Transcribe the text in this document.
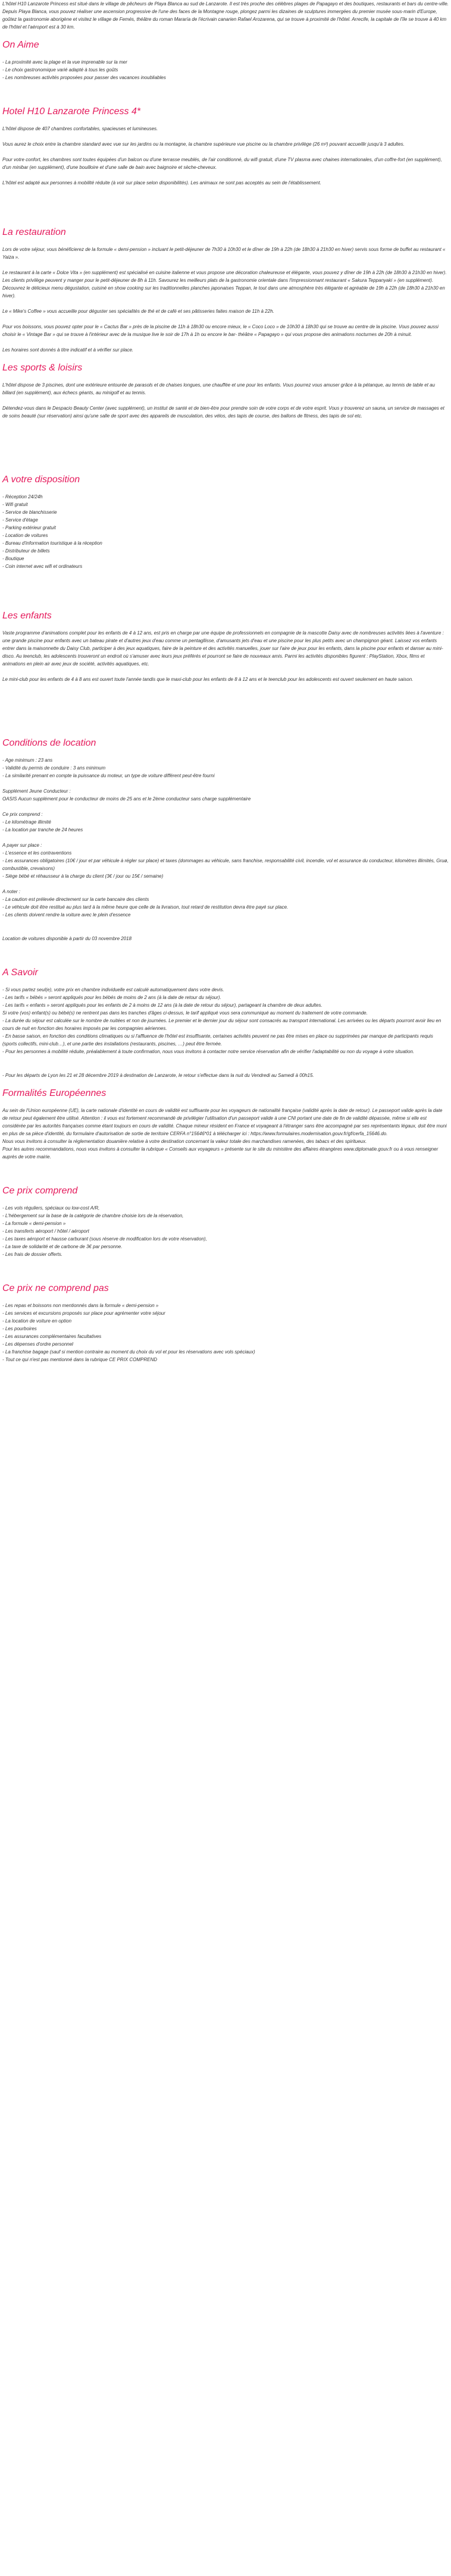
L'hôtel H10 Lanzarote Princess est situé dans le village de pêcheurs de Playa Blanca au sud de Lanzarote. Il est très proche des célèbres plages de Papagayo et des boutiques, restaurants et bars du centre-ville. Depuis Playa Blanca, vous pouvez réaliser une ascension progressive de l'une des faces de la Montagne rouge, plongez parmi les dizaines de sculptures immergées du premier musée sous-marin d'Europe, goûtez la gastronomie aborigène et visitez le village de Femés, théâtre du roman Mararía de l'écrivain canarien Rafael Arozarena, qui se trouve à proximité de l'hôtel. Arrecife, la capitale de l'île se trouve à 40 km de l'hôtel et l'aéroport est à 30 km.

On Aime
- La proximité avec la plage et la vue imprenable sur la mer
- Le choix gastronomique varié adapté à tous les goûts
- Les nombreuses activités proposées pour passer des vacances inoubliables
Hotel H10 Lanzarote Princess 4*

L'hôtel dispose de 407 chambres confortables, spacieuses et lumineuses.

Vous aurez le choix entre la chambre standard avec vue sur les jardins ou la montagne, la chambre supérieure vue piscine ou la chambre privilège (26 m²) pouvant accueillir jusqu'à 3 adultes.

Pour votre confort, les chambres sont toutes équipées d'un balcon ou d'une terrasse meublés, de l'air conditionné, du wifi gratuit, d'une TV plasma avec chaines internationales, d'un coffre-fort (en supplément), d'un minibar (en supplément), d'une bouilloire et d'une salle de bain avec baignoire et sèche-cheveux.

L'hôtel est adapté aux personnes à mobilité réduite (à voir sur place selon disponibilités). Les animaux ne sont pas acceptés au sein de l'établissement.

La restauration

Lors de votre séjour, vous bénéficierez de la formule « demi-pension » incluant le petit-déjeuner de 7h30 à 10h30 et le dîner de 19h à 22h (de 18h30 à 21h30 en hiver) servis sous forme de buffet au restaurant « Yaiza ».

Le restaurant à la carte « Dolce Vita » (en supplément) est spécialisé en cuisine italienne et vous propose une décoration chaleureuse et élégante, vous pouvez y dîner de 19h à 22h (de 18h30 à 21h30 en hiver). Les clients privilège peuvent y manger pour le petit-déjeuner de 8h à 11h. Savourez les meilleurs plats de la gastronomie orientale dans l'impressionnant restaurant « Sakura Teppanyaki » (en supplément). Découvrez le délicieux menu dégustation, cuisiné en show cooking sur les traditionnelles planches japonaises Teppan, le tout dans une atmosphère très élégante et agréable de 19h à 22h (de 18h30 à 21h30 en hiver).

Le « Mike's Coffee » vous accueille pour déguster ses spécialités de thé et de café et ses pâtisseries faites maison de 11h à 22h.

Pour vos boissons, vous pouvez opter pour le « Cactus Bar » près de la piscine de 11h à 18h30 ou encore mieux, le « Coco Loco » de 10h30 à 18h30 qui se trouve au centre de la piscine. Vous pouvez aussi choisir le « Vintage Bar » qui se trouve à l'intérieur avec de la musique live le soir de 17h à 1h ou encore le bar- théâtre « Papagayo » qui vous propose des animations nocturnes de 20h à minuit.

Les horaires sont donnés à titre indicatif et à vérifier sur place.

Les sports & loisirs

L'hôtel dispose de 3 piscines, dont une extérieure entourée de parasols et de chaises longues, une chauffée et une pour les enfants. Vous pourrez vous amuser grâce à la pétanque, au tennis de table et au billard (en supplément), aux échecs géants, au minigolf et au tennis.

Détendez-vous dans le Despacio Beauty Center (avec supplément), un institut de santé et de bien-être pour prendre soin de votre corps et de votre esprit. Vous y trouverez un sauna, un service de massages et de soins beauté (sur réservation) ainsi qu'une salle de sport avec des appareils de musculation, des vélos, des tapis de course, des ballons de fitness, des tapis de sol etc.

A votre disposition
- Réception 24/24h
- Wifi gratuit
- Service de blanchisserie
- Service d'étage
- Parking extérieur gratuit
- Location de voitures
- Bureau d'information touristique à la réception
- Distributeur de billets
- Boutique
- Coin internet avec wifi et ordinateurs
Les enfants

Vaste programme d'animations complet pour les enfants de 4 à 12 ans, est pris en charge par une équipe de professionnels en compagnie de la mascotte Daisy avec de nombreuses activités liées à l'aventure : une grande piscine pour enfants avec un bateau pirate et d'autres jeux d'eau comme un pentagllisse, d'amusants jets d'eau et une piscine pour les plus petits avec un champignon géant. Laissez vos enfants entrer dans la maisonnette du Daisy Club, participer à des jeux aquatiques, faire de la peinture et des activités manuelles, jouer sur l'aire de jeux pour les enfants, dans la piscine pour enfants et danser au mini-disco. Au teenclub, les adolescents trouveront un endroit où s'amuser avec leurs jeux préférés et pourront se faire de nouveaux amis. Parmi les activités disponibles figurent : PlayStation, Xbox, films et animations en plein air avec jeux de société, activités aquatiques, etc.

Le mini-club pour les enfants de 4 à 8 ans est ouvert toute l'année tandis que le maxi-club pour les enfants de 8 à 12 ans et le teenclub pour les adolescents est ouvert seulement en haute saison.

Conditions de location
- Age minimum : 23 ans
- Validité du permis de conduire : 3 ans minimum
- La similarité prenant en compte la puissance du moteur, un type de voiture différent peut-être fourni
Supplément Jeune Conducteur :
OASIS Aucun supplément pour le conducteur de moins de 25 ans et le 2ème conducteur sans charge supplémentaire
Ce prix comprend :
- Le kilométrage illimité
- La location par tranche de 24 heures
A payer sur place :
- L'essence et les contraventions
- Les assurances obligatoires (10€ / jour et par véhicule à régler sur place) et taxes (dommages au véhicule, sans franchise, responsabilité civil, incendie, vol et assurance du conducteur, kilomètres illimités, Gruø, combustible, crevaisons)
- Siège bébé et réhausseur à la charge du client (3€ / jour ou 15€ / semaine)
A noter :
- La caution est prélevée directement sur la carte bancaire des clients
- Le véhicule doit être restitué au plus tard à la même heure que celle de la livraison, tout retard de restitution devra être payé sur place.
- Les clients doivent rendre la voiture avec le plein d'essence

Location de voitures disponible à partir du 03 novembre 2018

A Savoir
- Si vous partez seul(e), votre prix en chambre individuelle est calculé automatiquement dans votre devis.
- Les tarifs « bébés » seront appliqués pour les bébés de moins de 2 ans (à la date de retour du séjour).
- Les tarifs « enfants » seront appliqués pour les enfants de 2 à moins de 12 ans (à la date de retour du séjour), partageant la chambre de deux adultes.
Si votre (vos) enfant(s) ou bébé(s) ne rentrent pas dans les tranches d'âges ci-dessus, le tarif appliqué vous sera communiqué au moment du traitement de votre commande.
- La durée du séjour est calculée sur le nombre de nuitées et non de journées. Le premier et le dernier jour du séjour sont consacrés au transport international. Les arrivées ou les départs pourront avoir lieu en cours de nuit en fonction des horaires imposés par les compagnies aériennes.
- En basse saison, en fonction des conditions climatiques ou si l'affluence de l'hôtel est insuffisante, certaines activités peuvent ne pas être mises en place ou supprimées par manque de participants requis (sports collectifs, mini-club…), et une partie des installations (restaurants, piscines, …) peut être fermée.
- Pour les personnes à mobilité réduite, préalablement à toute confirmation, nous vous invitons à contacter notre service réservation afin de vérifier l'adaptabilité ou non du voyage à votre situation.

- Pour les départs de Lyon les 21 et 28 décembre 2019 à destination de Lanzarote, le retour s'effectue dans la nuit du Vendredi au Samedi à 00h15.

Formalités Européennes
Au sein de l'Union européenne (UE), la carte nationale d'identité en cours de validité est suffisante pour les voyageurs de nationalité française (validité après la date de retour). Le passeport valide après la date de retour peut également être utilisé. Attention : il vous est fortement recommandé de privilégier l'utilisation d'un passeport valide à une CNI portant une date de fin de validité dépassée, même si elle est considérée par les autorités françaises comme étant toujours en cours de validité. Chaque mineur résident en France et voyageant à l'étranger sans être accompagné par ses représentants légaux, doit être muni en plus de sa pièce d'identité, du formulaire d'autorisation de sortie de territoire CERFA n°15646*01 à télécharger ici : https://www.formulaires.modernisation.gouv.fr/gf/cerfa_15646.do.
Nous vous invitons à consulter la réglementation douanière relative à votre destination concernant la valeur totale des marchandises ramenées, des tabacs et des spiritueux.
Pour les autres recommandations, nous vous invitons à consulter la rubrique « Conseils aux voyageurs » présente sur le site du ministère des affaires étrangères www.diplomatie.gouv.fr ou à vous renseigner auprès de votre mairie.
Ce prix comprend
- Les vols réguliers, spéciaux ou low-cost A/R,
- L'hébergement sur la base de la catégorie de chambre choisie lors de la réservation,
- La formule « demi-pension »
- Les transferts aéroport / hôtel / aéroport
- Les taxes aéroport et hausse carburant (sous réserve de modification lors de votre réservation),
- La taxe de solidarité et de carbone de 3€ par personne.
- Les frais de dossier offerts.
Ce prix ne comprend pas
- Les repas et boissons non mentionnés dans la formule « demi-pension »
- Les services et excursions proposés sur place pour agrémenter votre séjour
- La location de voiture en option
- Les pourboires
- Les assurances complémentaires facultatives
- Les dépenses d'ordre personnel
- La franchise bagage (sauf si mention contraire au moment du choix du vol et pour les réservations avec vols spéciaux)
- Tout ce qui n'est pas mentionné dans la rubrique CE PRIX COMPREND
